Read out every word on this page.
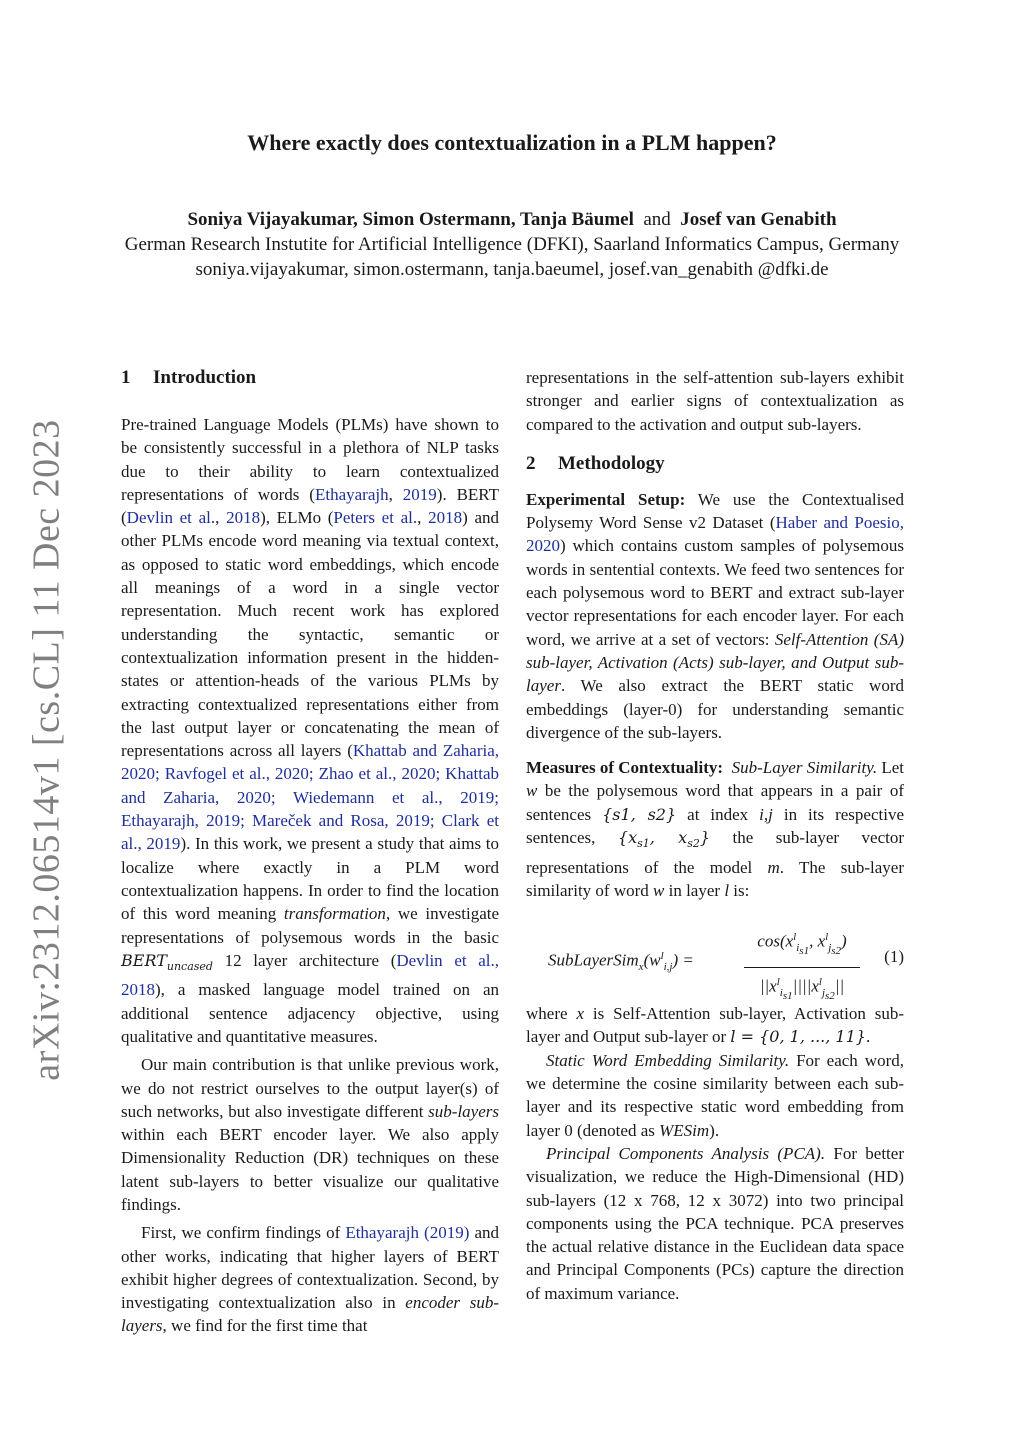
arXiv:2312.06514v1 [cs.CL] 11 Dec 2023
Where exactly does contextualization in a PLM happen?
Soniya Vijayakumar, Simon Ostermann, Tanja Bäumel and Josef van Genabith
German Research Instutite for Artificial Intelligence (DFKI), Saarland Informatics Campus, Germany
soniya.vijayakumar, simon.ostermann, tanja.baeumel, josef.van_genabith @dfki.de
1 Introduction

Pre-trained Language Models (PLMs) have shown to be consistently successful in a plethora of NLP tasks due to their ability to learn contextualized representations of words (Ethayarajh, 2019). BERT (Devlin et al., 2018), ELMo (Peters et al., 2018) and other PLMs encode word meaning via textual context, as opposed to static word embeddings, which encode all meanings of a word in a single vector representation. Much recent work has explored understanding the syntactic, semantic or contextualization information present in the hidden-states or attention-heads of the various PLMs by extracting contextualized representations either from the last output layer or concatenating the mean of representations across all layers (Khattab and Zaharia, 2020; Ravfogel et al., 2020; Zhao et al., 2020; Khattab and Zaharia, 2020; Wiedemann et al., 2019; Ethayarajh, 2019; Mareček and Rosa, 2019; Clark et al., 2019). In this work, we present a study that aims to localize where exactly in a PLM word contextualization happens. In order to find the location of this word meaning transformation, we investigate representations of polysemous words in the basic $BERT_{uncased}$ 12 layer architecture (Devlin et al., 2018), a masked language model trained on an additional sentence adjacency objective, using qualitative and quantitative measures.

Our main contribution is that unlike previous work, we do not restrict ourselves to the output layer(s) of such networks, but also investigate different sub-layers within each BERT encoder layer. We also apply Dimensionality Reduction (DR) techniques on these latent sub-layers to better visualize our qualitative findings.

First, we confirm findings of Ethayarajh (2019) and other works, indicating that higher layers of BERT exhibit higher degrees of contextualization. Second, by investigating contextualization also in encoder sub-layers, we find for the first time that

representations in the self-attention sub-layers exhibit stronger and earlier signs of contextualization as compared to the activation and output sub-layers.

2 Methodology

Experimental Setup: We use the Contextualised Polysemy Word Sense v2 Dataset (Haber and Poesio, 2020) which contains custom samples of polysemous words in sentential contexts. We feed two sentences for each polysemous word to BERT and extract sub-layer vector representations for each encoder layer. For each word, we arrive at a set of vectors: Self-Attention (SA) sub-layer, Activation (Acts) sub-layer, and Output sub-layer. We also extract the BERT static word embeddings (layer-0) for understanding semantic divergence of the sub-layers.

Measures of Contextuality: Sub-Layer Similarity. Let w be the polysemous word that appears in a pair of sentences {s1, s2} at index i,j in its respective sentences, {$x_{s1}$, $x_{s2}$} the sub-layer vector representations of the model m. The sub-layer similarity of word w in layer l is:

$SubLayerSim_x(w^l_{i,j})$ =
$\cos(x^l_{i_{s1}}$, $x^l_{j_{s2}}$)
$||x^l_{i_{s1}}||||x^l_{j_{s2}}||$
(1)

where x is Self-Attention sub-layer, Activation sub-layer and Output sub-layer or l = {0, 1, ..., 11}.

Static Word Embedding Similarity. For each word, we determine the cosine similarity between each sub-layer and its respective static word embedding from layer 0 (denoted as WESim).

Principal Components Analysis (PCA). For better visualization, we reduce the High-Dimensional (HD) sub-layers (12 x 768, 12 x 3072) into two principal components using the PCA technique. PCA preserves the actual relative distance in the Euclidean data space and Principal Components (PCs) capture the direction of maximum variance.
